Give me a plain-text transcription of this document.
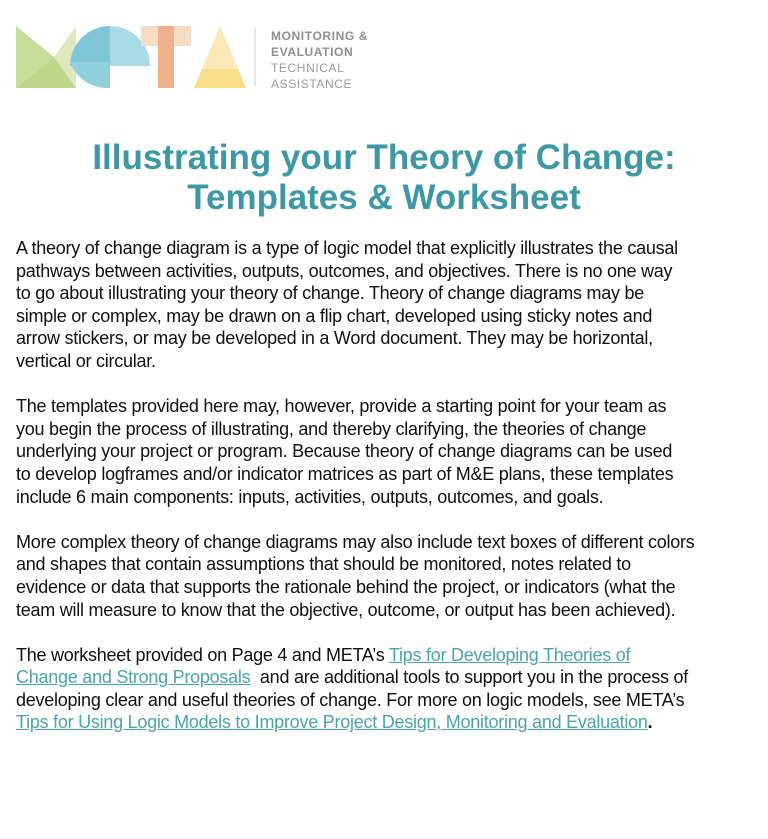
MONITORING &
EVALUATION
TECHNICAL
ASSISTANCE
Illustrating your Theory of Change:
Templates & Worksheet
A theory of change diagram is a type of logic model that explicitly illustrates the causal
pathways between activities, outputs, outcomes, and objectives. There is no one way
to go about illustrating your theory of change. Theory of change diagrams may be
simple or complex, may be drawn on a flip chart, developed using sticky notes and
arrow stickers, or may be developed in a Word document. They may be horizontal,
vertical or circular.
The templates provided here may, however, provide a starting point for your team as
you begin the process of illustrating, and thereby clarifying, the theories of change
underlying your project or program. Because theory of change diagrams can be used
to develop logframes and/or indicator matrices as part of M&E plans, these templates
include 6 main components: inputs, activities, outputs, outcomes, and goals.
More complex theory of change diagrams may also include text boxes of different colors
and shapes that contain assumptions that should be monitored, notes related to
evidence or data that supports the rationale behind the project, or indicators (what the
team will measure to know that the objective, outcome, or output has been achieved).
The worksheet provided on Page 4 and META’s Tips for Developing Theories of
Change and Strong Proposals  and are additional tools to support you in the process of
developing clear and useful theories of change. For more on logic models, see META’s
Tips for Using Logic Models to Improve Project Design, Monitoring and Evaluation.
